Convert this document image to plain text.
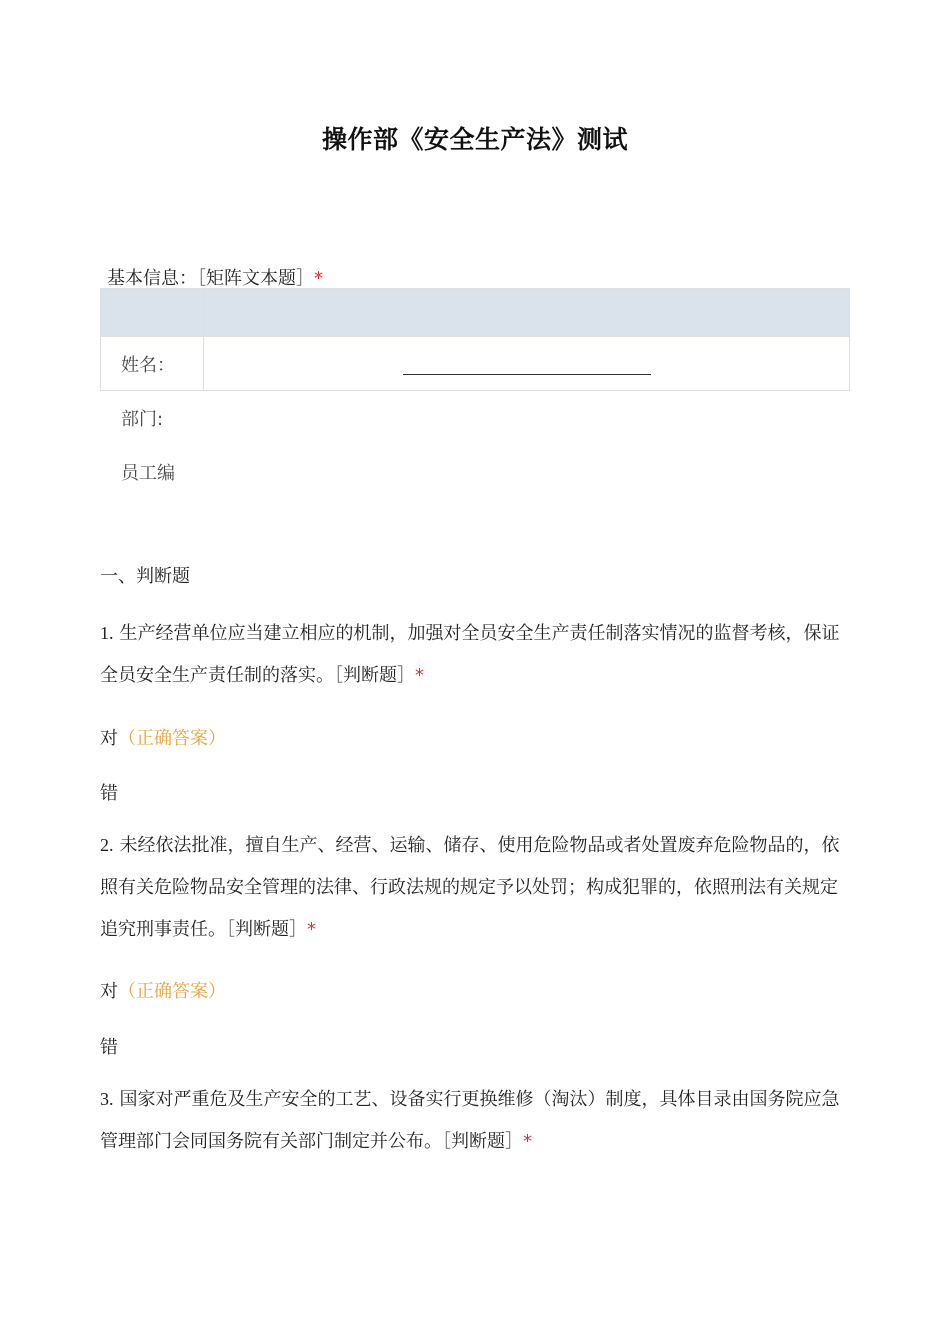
操作部《安全生产法》测试
基本信息：［矩阵文本题］*

姓名：	
部门:
员工编
一、判断题
1. 生产经营单位应当建立相应的机制，加强对全员安全生产责任制落实情况的监督考核，保证全员安全生产责任制的落实。［判断题］*
对（正确答案）
错
2. 未经依法批准，擅自生产、经营、运输、储存、使用危险物品或者处置废弃危险物品的，依照有关危险物品安全管理的法律、行政法规的规定予以处罚；构成犯罪的，依照刑法有关规定追究刑事责任。［判断题］*
对（正确答案）
错
3. 国家对严重危及生产安全的工艺、设备实行更换维修（淘汰）制度，具体目录由国务院应急管理部门会同国务院有关部门制定并公布。［判断题］*
